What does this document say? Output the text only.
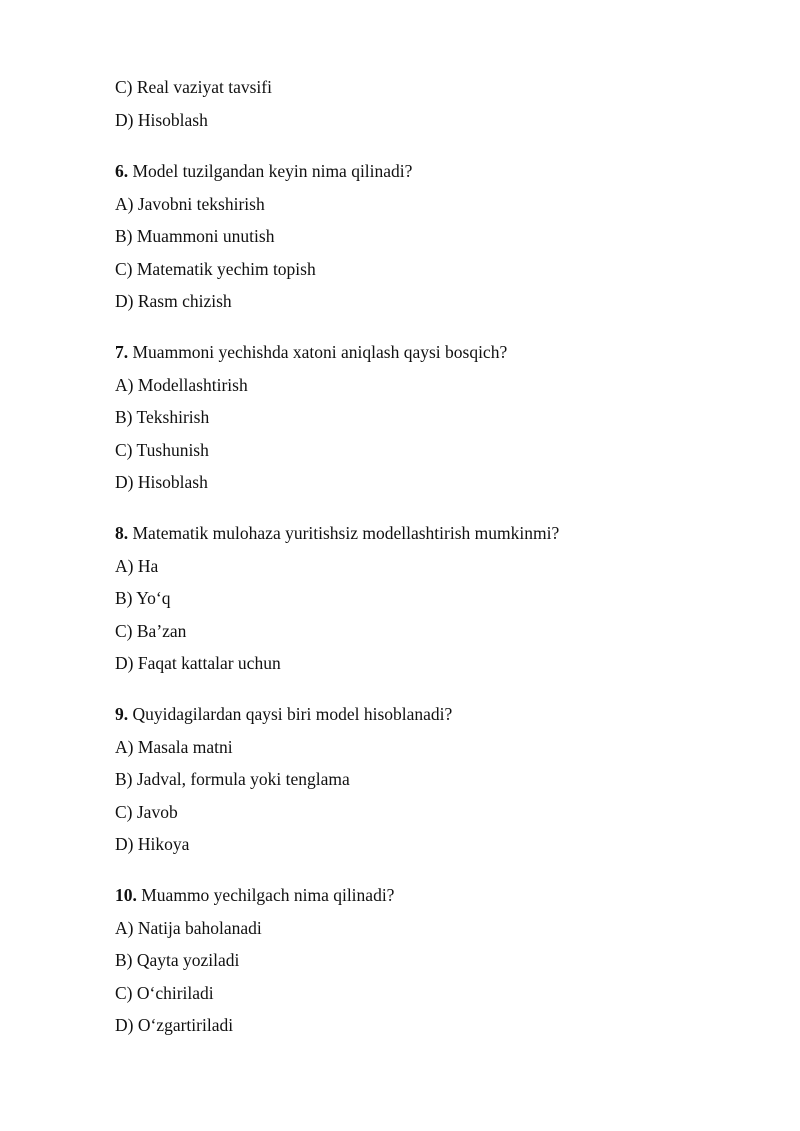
C) Real vaziyat tavsifi
D) Hisoblash
6. Model tuzilgandan keyin nima qilinadi?
A) Javobni tekshirish
B) Muammoni unutish
C) Matematik yechim topish
D) Rasm chizish
7. Muammoni yechishda xatoni aniqlash qaysi bosqich?
A) Modellashtirish
B) Tekshirish
C) Tushunish
D) Hisoblash
8. Matematik mulohaza yuritishsiz modellashtirish mumkinmi?
A) Ha
B) Yo‘q
C) Ba’zan
D) Faqat kattalar uchun
9. Quyidagilardan qaysi biri model hisoblanadi?
A) Masala matni
B) Jadval, formula yoki tenglama
C) Javob
D) Hikoya
10. Muammo yechilgach nima qilinadi?
A) Natija baholanadi
B) Qayta yoziladi
C) O‘chiriladi
D) O‘zgartiriladi
